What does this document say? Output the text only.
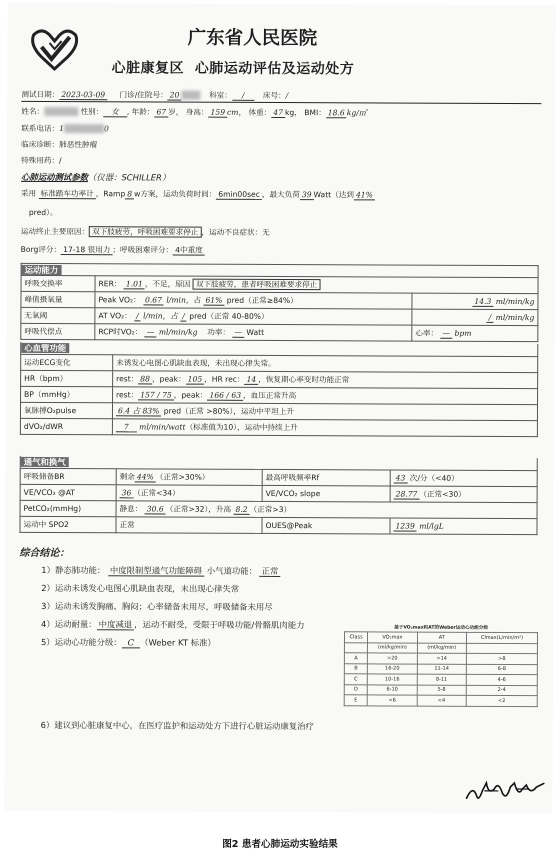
广东省人民医院
心脏康复区 心肺运动评估及运动处方
测试日期： 2023-03-09 门诊/住院号： 20	科室： / 床号：/
姓名：	性别： 女 , 年龄： 67 岁， 身高： 159 cm， 体重： 47 kg， BMI： 18.6 kg/㎡
联系电话：1	0
临床诊断：肺恶性肿瘤
特殊用药：/
心肺运动测试参数（仪器：SCHILLER）
采用 标准踏车功率计 ，Ramp 8 w方案，运动负荷时间： 6min00sec ，最大负荷 39 Watt（达到 41%
pred）。
运动终止主要原因： 双下肢疲劳，呼吸困难要求停止 ，运动不良症状：无
Borg评分： 17-18 很用力 ；呼吸困难评分： 4中重度
运动能力
呼吸交换率	RER： 1.01 ，不足，原因 双下肢疲劳，患者呼吸困难要求停止	
峰值摄氧量	Peak VO₂： 0.67 l/min，占 61% pred（正常≥84%）	14.3 ml/min/kg
无氧阈	AT VO₂： / l/min，占 / pred（正常 40-80%）	/ ml/min/kg
呼吸代偿点	RCP时VO₂： — ml/min/kg 功率： — Watt	心率： — bpm
心血管功能
运动ECG变化	未诱发心电图心肌缺血表现，未出现心律失常。
HR（bpm）	rest： 88 ，peak： 105 ，HR rec： 14 ，恢复期心率变时功能正常
BP（mmHg）	rest： 157 / 75 ，peak： 166 / 63 ，血压正常升高
氧脉搏O₂pulse	6.4 占 83% pred（正常 >80%），运动中平坦上升
dVO₂/dWR	7 ml/min/watt（标准值为10），运动中持续上升
通气和换气
呼吸储备BR	剩余 44% （正常>30%）	最高呼吸频率Rf	43 次/分（<40）
VE/VCO₂ @AT	36 （正常<34）	VE/VCO₂ slope	28.77 （正常<30）
PetCO₂(mmHg)	静息： 30.6 （正常>32），升高 8.2 （正常>3）		
运动中 SPO2	正常	OUES@Peak	1239 ml/lgL
综合结论：
1）静态肺功能： 中度限制型通气功能障碍 小气道功能： 正常
2）运动未诱发心电图心肌缺血表现，未出现心律失常
3）运动未诱发胸痛、胸闷；心率储备未用尽，呼吸储备未用尽
4）运动耐量： 中度减退 ，运动不耐受，受限于呼吸功能/骨骼肌肉能力
5）运动心功能分级： C （Weber KT 标准）
6）建议到心脏康复中心，在医疗监护和运动处方下进行心脏运动康复治疗
基于VO₂max和AT的Weber运动心功能分级
Class	VO₂max	AT	CImax(L/min/m²)
	(ml/kg/min)	(ml/kg/min)	
A	>20	>14	>8
B	16-20	11-14	6-8
C	10-16	8-11	4-6
D	6-10	5-8	2-4
E	<6	<4	<2
图2 患者心肺运动实验结果
